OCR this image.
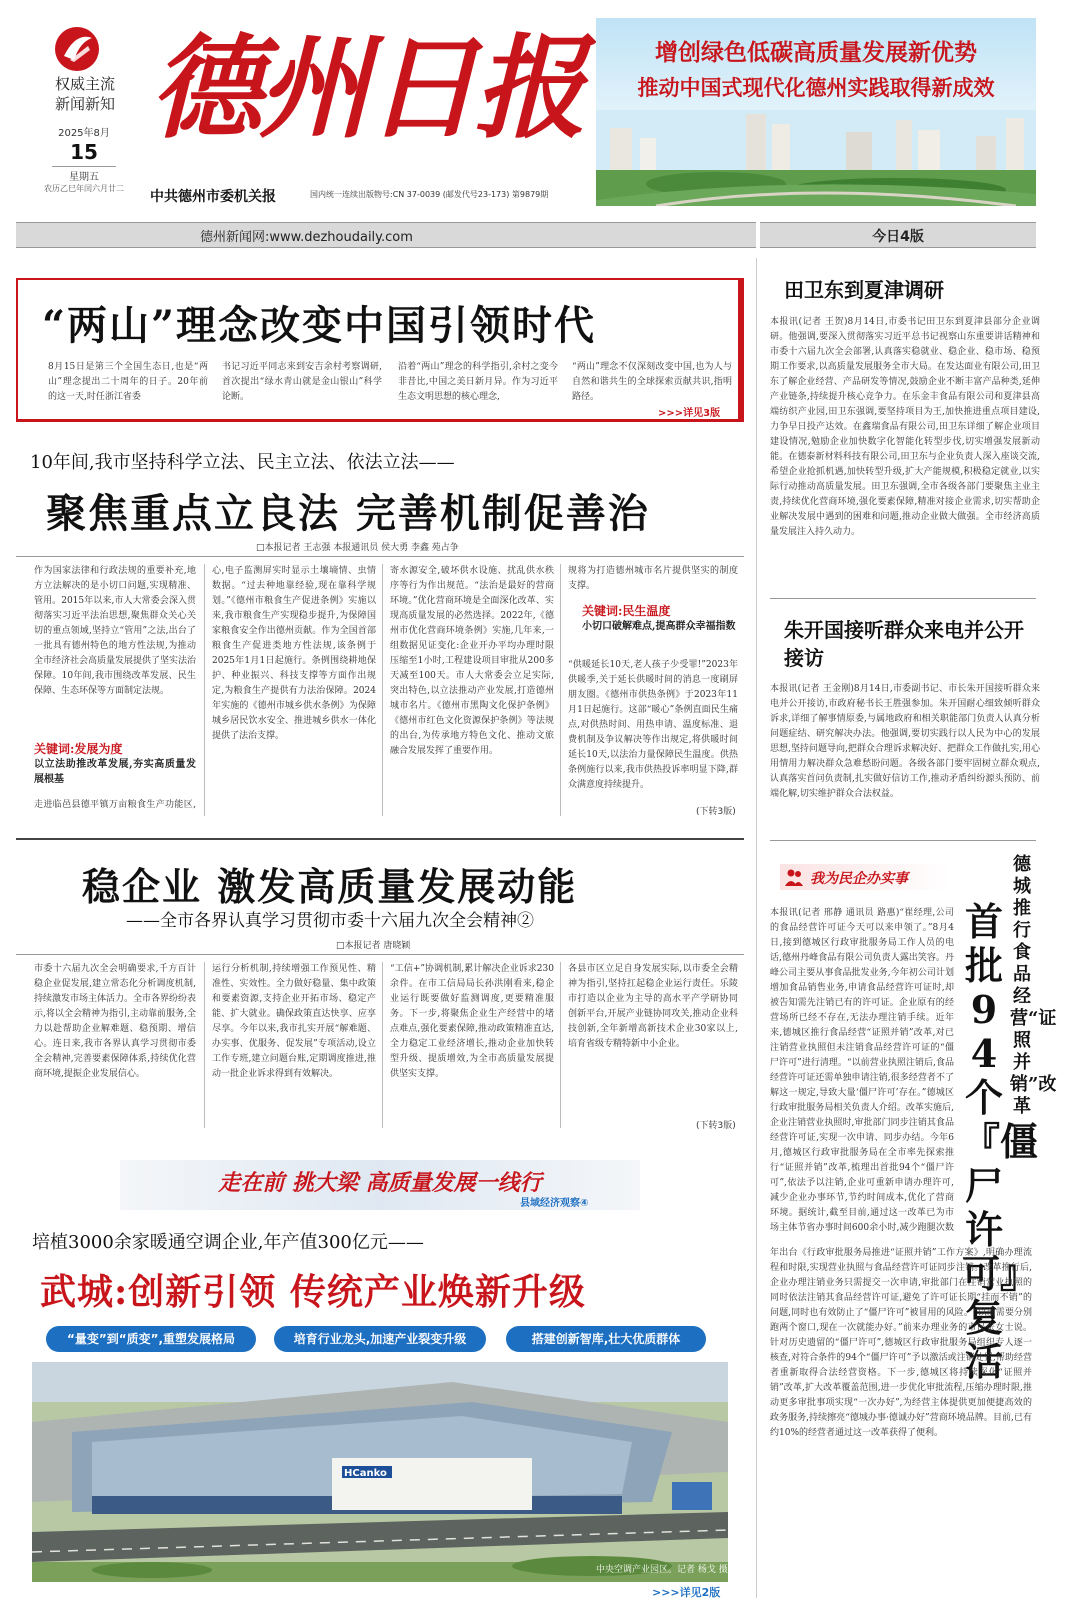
权威主流
新闻新知
2025年8月
15
星期五
农历乙巳年闰六月廿二
德州日报
中共德州市委机关报	国内统一连续出版物号:CN 37-0039 (邮发代号23-173) 第9879期
增创绿色低碳高质量发展新优势
推动中国式现代化德州实践取得新成效
德州新闻网:www.dezhoudaily.com	今日4版
“两山”理念改变中国引领时代
8月15日是第三个全国生态日,也是“两山”理念提出二十周年的日子。20年前的这一天,时任浙江省委
书记习近平同志来到安吉余村考察调研,首次提出“绿水青山就是金山银山”科学论断。
沿着“两山”理念的科学指引,余村之变今非昔比,中国之美日新月异。作为习近平生态文明思想的核心理念,
“两山”理念不仅深刻改变中国,也为人与自然和谐共生的全球探索贡献共识,指明路径。
>>>详见3版
10年间,我市坚持科学立法、民主立法、依法立法——
聚焦重点立良法 完善机制促善治
□本报记者 王志强 本报通讯员 侯大勇 李鑫 苑占争
作为国家法律和行政法规的重要补充,地方立法解决的是小切口问题,实现精准、管用。2015年以来,市人大常委会深入贯彻落实习近平法治思想,聚焦群众关心关切的重点领域,坚持立“管用”之法,出台了一批具有德州特色的地方性法规,为推动全市经济社会高质量发展提供了坚实法治保障。10年间,我市围绕改革发展、民生保障、生态环保等方面制定法规。
关键词:发展为度
以立法助推改革发展,夯实高质量发展根基
走进临邑县德平镇万亩粮食生产功能区,
心,电子监测屏实时显示土壤墒情、虫情数据。“过去种地靠经验,现在靠科学规划。”《德州市粮食生产促进条例》实施以来,我市粮食生产实现稳步提升,为保障国家粮食安全作出德州贡献。作为全国首部粮食生产促进类地方性法规,该条例于2025年1月1日起施行。条例围绕耕地保护、种业振兴、科技支撑等方面作出规定,为粮食生产提供有力法治保障。2024年实施的《德州市城乡供水条例》为保障城乡居民饮水安全、推进城乡供水一体化提供了法治支撑。
寄水源安全,破坏供水设施、扰乱供水秩序等行为作出规范。“法治是最好的营商环境。”优化营商环境是全面深化改革、实现高质量发展的必然选择。2022年,《德州市优化营商环境条例》实施,几年来,一组数据见证变化:企业开办平均办理时限压缩至1小时,工程建设项目审批从200多天减至100天。市人大常委会立足实际,突出特色,以立法推动产业发展,打造德州城市名片。《德州市黑陶文化保护条例》《德州市红色文化资源保护条例》等法规的出台,为传承地方特色文化、推动文旅融合发展发挥了重要作用。
规将为打造德州城市名片提供坚实的制度支撑。
关键词:民生温度
小切口破解难点,提高群众幸福指数
“供暖延长10天,老人孩子少受罪!”2023年供暖季,关于延长供暖时间的消息一度刷屏朋友圈。《德州市供热条例》于2023年11月1日起施行。这部“暖心”条例直面民生痛点,对供热时间、用热申请、温度标准、退费机制及争议解决等作出规定,将供暖时间延长10天,以法治力量保障民生温度。供热条例施行以来,我市供热投诉率明显下降,群众满意度持续提升。
(下转3版)
稳企业 激发高质量发展动能
——全市各界认真学习贯彻市委十六届九次全会精神②
□本报记者 唐晓颖
市委十六届九次全会明确要求,千方百计稳企业促发展,建立常态化分析调度机制,持续激发市场主体活力。全市各界纷纷表示,将以全会精神为指引,主动靠前服务,全力以赴帮助企业解难题、稳预期、增信心。连日来,我市各界认真学习贯彻市委全会精神,完善要素保障体系,持续优化营商环境,提振企业发展信心。
运行分析机制,持续增强工作预见性、精准性、实效性。全力做好稳量、集中政策和要素资源,支持企业开拓市场、稳定产能、扩大就业。确保政策直达快享、应享尽享。今年以来,我市扎实开展“解难题、办实事、优服务、促发展”专项活动,设立工作专班,建立问题台账,定期调度推进,推动一批企业诉求得到有效解决。
“工信+”协调机制,累计解决企业诉求230余件。在市工信局局长孙洪刚看来,稳企业运行既要做好监测调度,更要精准服务。下一步,将聚焦企业生产经营中的堵点难点,强化要素保障,推动政策精准直达,全力稳定工业经济增长,推动企业加快转型升级、提质增效,为全市高质量发展提供坚实支撑。
各县市区立足自身发展实际,以市委全会精神为指引,坚持扛起稳企业运行责任。乐陵市打造以企业为主导的高水平产学研协同创新平台,开展产业链协同攻关,推动企业科技创新,全年新增高新技术企业30家以上,培育省级专精特新中小企业。
(下转3版)
走在前 挑大梁 高质量发展一线行
县域经济观察④
培植3000余家暖通空调企业,年产值300亿元——
武城:创新引领 传统产业焕新升级
“量变”到“质变”,重塑发展格局	培育行业龙头,加速产业裂变升级	搭建创新智库,壮大优质群体
HCanko
中央空调产业园区。记者 杨戈 摄
>>>详见2版
田卫东到夏津调研
本报讯(记者 王贺)8月14日,市委书记田卫东到夏津县部分企业调研。他强调,要深入贯彻落实习近平总书记视察山东重要讲话精神和市委十六届九次全会部署,认真落实稳就业、稳企业、稳市场、稳预期工作要求,以高质量发展服务全市大局。在发达面业有限公司,田卫东了解企业经营、产品研发等情况,鼓励企业不断丰富产品种类,延伸产业链条,持续提升核心竞争力。在乐金丰食品有限公司和夏津县高端纺织产业园,田卫东强调,要坚持项目为王,加快推进重点项目建设,力争早日投产达效。在鑫瑞食品有限公司,田卫东详细了解企业项目建设情况,勉励企业加快数字化智能化转型步伐,切实增强发展新动能。在德泰新材料科技有限公司,田卫东与企业负责人深入座谈交流,希望企业抢抓机遇,加快转型升级,扩大产能规模,积极稳定就业,以实际行动推动高质量发展。田卫东强调,全市各级各部门要聚焦主业主责,持续优化营商环境,强化要素保障,精准对接企业需求,切实帮助企业解决发展中遇到的困难和问题,推动企业做大做强。全市经济高质量发展注入持久动力。
朱开国接听群众来电并公开接访
本报讯(记者 王金刚)8月14日,市委副书记、市长朱开国接听群众来电并公开接访,市政府秘书长王胜强参加。朱开国耐心细致倾听群众诉求,详细了解事情原委,与属地政府和相关职能部门负责人认真分析问题症结、研究解决办法。他强调,要切实践行以人民为中心的发展思想,坚持问题导向,把群众合理诉求解决好、把群众工作做扎实,用心用情用力解决群众急难愁盼问题。各级各部门要牢固树立群众观点,认真落实首问负责制,扎实做好信访工作,推动矛盾纠纷源头预防、前端化解,切实维护群众合法权益。
我为民企办实事
德城推行食品经营“证照并销”改革
首批94个『僵尸许可』复活
本报讯(记者 邢静 通讯员 路惠)“崔经理,公司的食品经营许可证今天可以来申领了。”8月4日,接到德城区行政审批服务局工作人员的电话,德州丹峰食品有限公司负责人露出笑容。丹峰公司主要从事食品批发业务,今年初公司计划增加食品销售业务,申请食品经营许可证时,却被告知需先注销已有的许可证。企业原有的经营场所已经不存在,无法办理注销手续。近年来,德城区推行食品经营“证照并销”改革,对已注销营业执照但未注销食品经营许可证的“僵尸许可”进行清理。“以前营业执照注销后,食品经营许可证还需单独申请注销,很多经营者不了解这一规定,导致大量‘僵尸许可’存在。”德城区行政审批服务局相关负责人介绍。改革实施后,企业注销营业执照时,审批部门同步注销其食品经营许可证,实现一次申请、同步办结。今年6月,德城区行政审批服务局在全市率先探索推行“证照并销”改革,梳理出首批94个“僵尸许可”,依法予以注销,企业可重新申请办理许可,减少企业办事环节,节约时间成本,优化了营商环境。据统计,截至目前,通过这一改革已为市场主体节省办事时间600余小时,减少跑腿次数
年出台《行政审批服务局推进“证照并销”工作方案》,明确办理流程和时限,实现营业执照与食品经营许可证同步注销。改革推行后,企业办理注销业务只需提交一次申请,审批部门在注销营业执照的同时依法注销其食品经营许可证,避免了许可证长期“挂而不销”的问题,同时也有效防止了“僵尸许可”被冒用的风险。“以前需要分别跑两个窗口,现在一次就能办好。”前来办理业务的市民张女士说。针对历史遗留的“僵尸许可”,德城区行政审批服务局组织专人逐一核查,对符合条件的94个“僵尸许可”予以激活或注销处置,帮助经营者重新取得合法经营资格。下一步,德城区将持续深化“证照并销”改革,扩大改革覆盖范围,进一步优化审批流程,压缩办理时限,推动更多审批事项实现“一次办好”,为经营主体提供更加便捷高效的政务服务,持续擦亮“德城办事·德诚办好”营商环境品牌。目前,已有约10%的经营者通过这一改革获得了便利。
